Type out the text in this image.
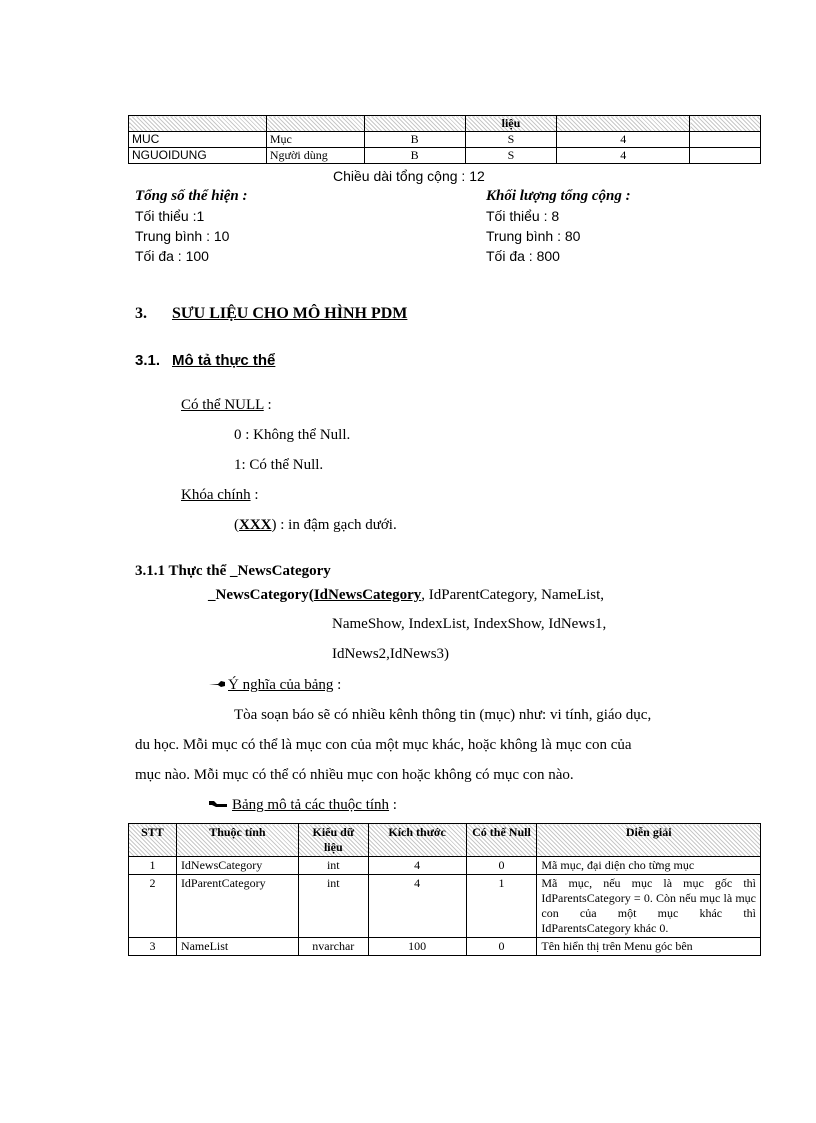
			liệu		
MUC	Mục	B	S	4	
NGUOIDUNG	Người dùng	B	S	4	
Chiều dài tổng cộng : 12
Tổng số thể hiện :
Tối thiểu :1
Trung bình : 10
Tối đa : 100
Khối lượng tổng cộng :
Tối thiểu : 8
Trung bình : 80
Tối đa : 800
3. SƯU LIỆU CHO MÔ HÌNH PDM
3.1. Mô tả thực thể
Có thể NULL :
0 : Không thể Null.
1: Có thể Null.
Khóa chính :
(XXX) : in đậm gạch dưới.
3.1.1 Thực thể _NewsCategory
_NewsCategory(IdNewsCategory, IdParentCategory, NameList,
NameShow, IndexList, IndexShow, IdNews1,
IdNews2,IdNews3)
Ý nghĩa của bảng :
Tòa soạn báo sẽ có nhiều kênh thông tin (mục) như: vi tính, giáo dục,
du học. Mỗi mục có thể là mục con của một mục khác, hoặc không là mục con của
mục nào. Mỗi mục có thể có nhiều mục con hoặc không có mục con nào.
Bảng mô tả các thuộc tính :
STT	Thuộc tính	Kiểu dữ liệu	Kích thước	Có thể Null	Diễn giải
1	IdNewsCategory	int	4	0	Mã mục, đại diện cho từng mục
2	IdParentCategory	int	4	1	Mã mục, nếu mục là mục gốc thì IdParentsCategory = 0. Còn nếu mục là mục con của một mục khác thì IdParentsCategory khác 0.
3	NameList	nvarchar	100	0	Tên hiển thị trên Menu góc bên
